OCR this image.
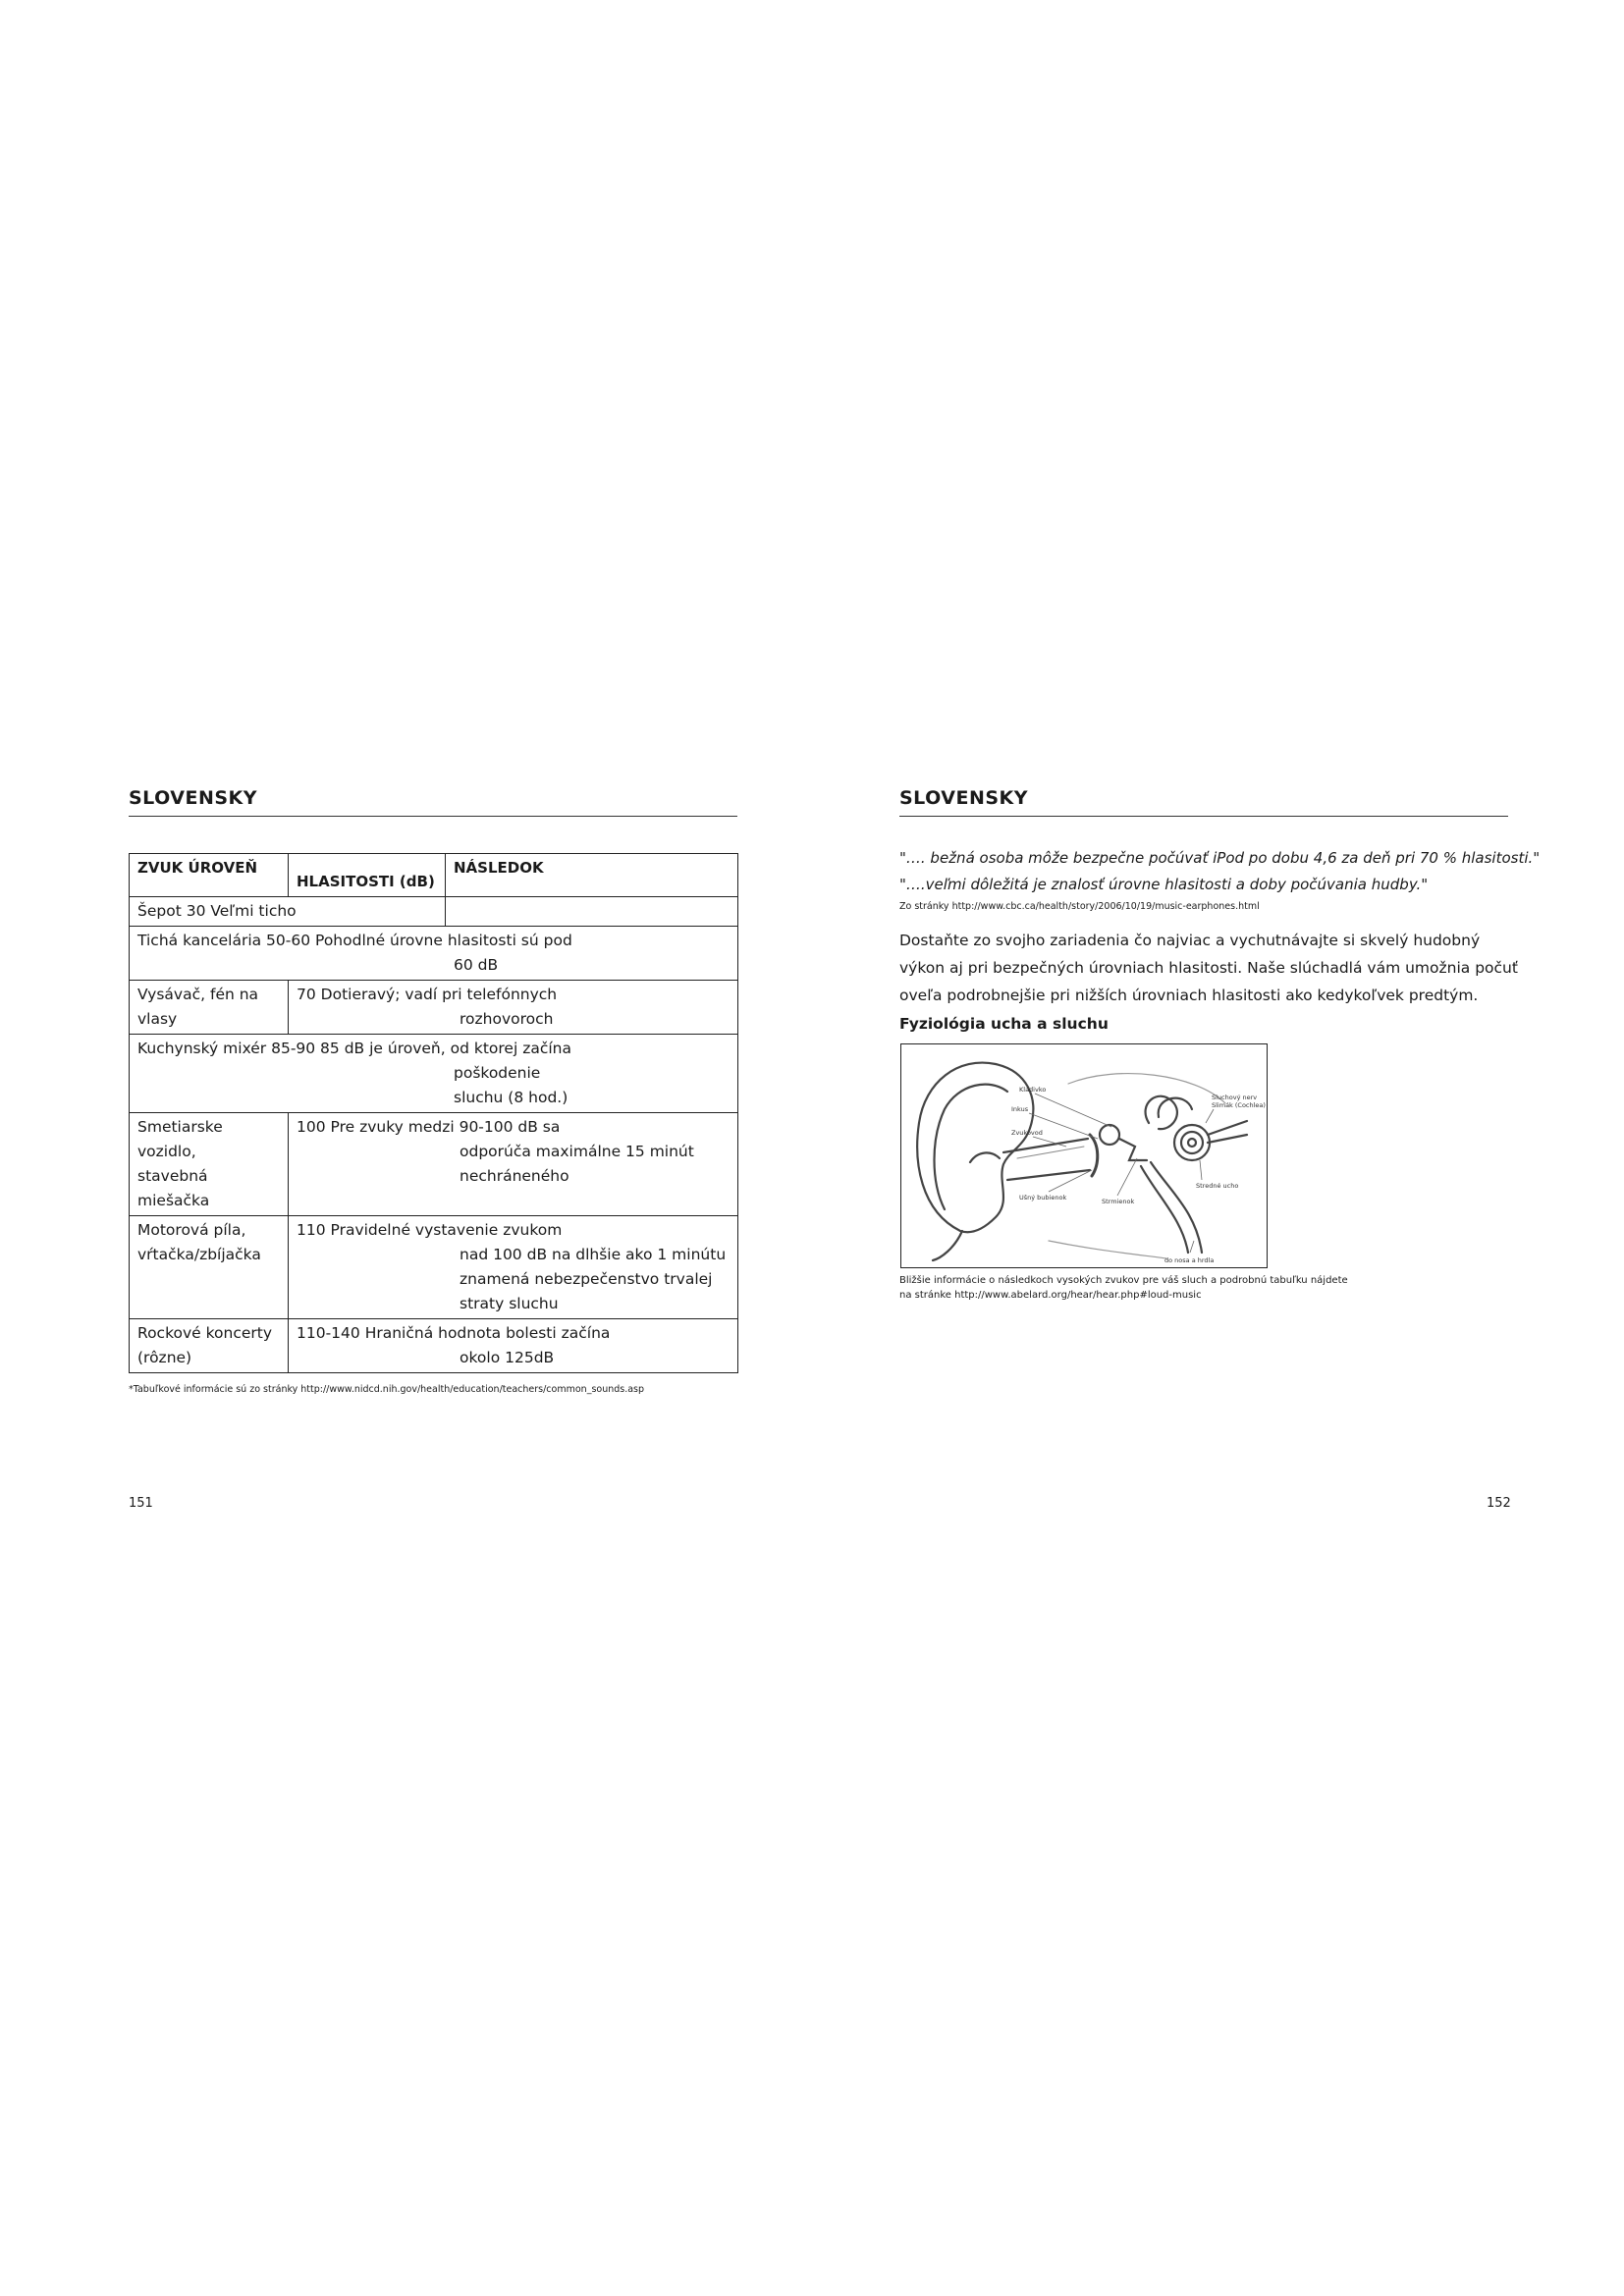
SLOVENSKY
ZVUK ÚROVEŇ	HLASITOSTI (dB)	NÁSLEDOK
Šepot 30 Veľmi ticho		

Tichá kancelária 50-60 Pohodlné úrovne hlasitosti sú pod
60 dB		

Vysávač, fén na
vlasy	70 Dotieravý; vadí pri telefónnych
rozhovoroch	

Kuchynský mixér 85-90 85 dB je úroveň, od ktorej začína
poškodenie
sluchu (8 hod.)		

Smetiarske vozidlo,
stavebná miešačka	100 Pre zvuky medzi 90-100 dB sa
odporúča maximálne 15 minút
nechráneného	

Motorová píla,
vŕtačka/zbíjačka	110 Pravidelné vystavenie zvukom
nad 100 dB na dlhšie ako 1 minútu
znamená nebezpečenstvo trvalej
straty sluchu	

Rockové koncerty
(rôzne)	110-140 Hraničná hodnota bolesti začína
okolo 125dB	
*Tabuľkové informácie sú zo stránky http://www.nidcd.nih.gov/health/education/teachers/common_sounds.asp
151
SLOVENSKY
"…. bežná osoba môže bezpečne počúvať iPod po dobu 4,6 za deň pri 70 % hlasitosti."
"….veľmi dôležitá je znalosť úrovne hlasitosti a doby počúvania hudby."
Zo stránky http://www.cbc.ca/health/story/2006/10/19/music-earphones.html
Dostaňte zo svojho zariadenia čo najviac a vychutnávajte si skvelý hudobný
výkon aj pri bezpečných úrovniach hlasitosti. Naše slúchadlá vám umožnia počuť
oveľa podrobnejšie pri nižších úrovniach hlasitosti ako kedykoľvek predtým.
Fyziológia ucha a sluchu
Kladivko
Inkus
Zvukovod
Sluchový nerv
Slimák (Cochlea)
Ušný bubienok
Stredné ucho
Strmienok
do nosa a hrdla
Bližšie informácie o následkoch vysokých zvukov pre váš sluch a podrobnú tabuľku nájdete
na stránke http://www.abelard.org/hear/hear.php#loud-music
152
